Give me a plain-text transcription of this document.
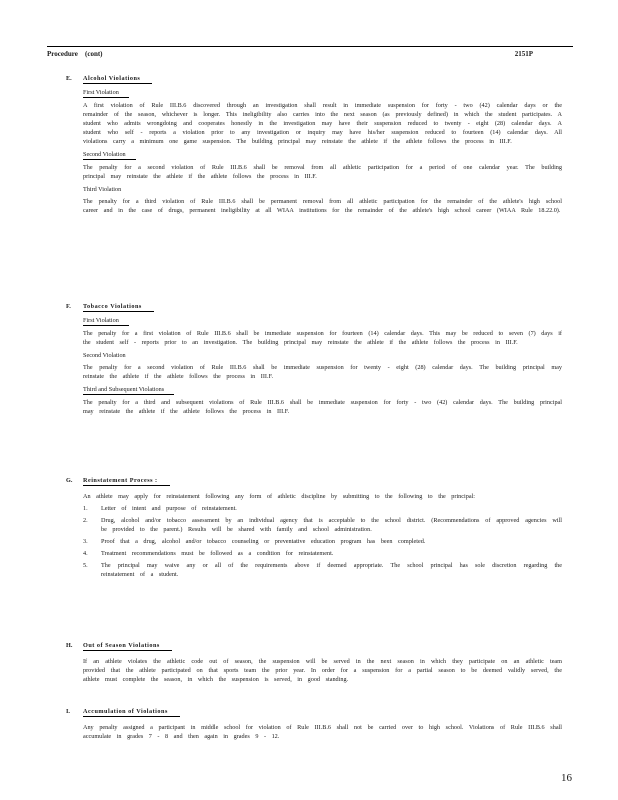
Procedure (cont)	2151P
E.	Alcohol Violations
First Violation
A first violation of Rule III.B.6 discovered through an investigation shall result in immediate suspension for forty - two (42) calendar days or the remainder of the season, whichever is longer. This ineligibility also carries into the next season (as previously defined) in which the student participates. A student who admits wrongdoing and cooperates honestly in the investigation may have their suspension reduced to twenty - eight (28) calendar days. A student who self - reports a violation prior to any investigation or inquiry may have his/her suspension reduced to fourteen (14) calendar days. All violations carry a minimum one game suspension. The building principal may reinstate the athlete if the athlete follows the process in III.F.
Second Violation
The penalty for a second violation of Rule III.B.6 shall be removal from all athletic participation for a period of one calendar year. The building principal may reinstate the athlete if the athlete follows the process in III.F.
Third Violation
The penalty for a third violation of Rule III.B.6 shall be permanent removal from all athletic participation for the remainder of the athlete's high school career and in the case of drugs, permanent ineligibility at all WIAA institutions for the remainder of the athlete's high school career (WIAA Rule 18.22.0).
F.	Tobacco Violations
First Violation
The penalty for a first violation of Rule III.B.6 shall be immediate suspension for fourteen (14) calendar days. This may be reduced to seven (7) days if the student self - reports prior to an investigation. The building principal may reinstate the athlete if the athlete follows the process in III.F.
Second Violation
The penalty for a second violation of Rule III.B.6 shall be immediate suspension for twenty - eight (28) calendar days. The building principal may reinstate the athlete if the athlete follows the process in III.F.
Third and Subsequent Violations
The penalty for a third and subsequent violations of Rule III.B.6 shall be immediate suspension for forty - two (42) calendar days. The building principal may reinstate the athlete if the athlete follows the process in III.F.
G.	Reinstatement Process :
An athlete may apply for reinstatement following any form of athletic discipline by submitting to the following to the principal:
1.	Letter of intent and purpose of reinstatement.
2.	Drug, alcohol and/or tobacco assessment by an individual agency that is acceptable to the school district. (Recommendations of approved agencies will be provided to the parent.) Results will be shared with family and school administration.
3.	Proof that a drug, alcohol and/or tobacco counseling or preventative education program has been completed.
4.	Treatment recommendations must be followed as a condition for reinstatement.
5.	The principal may waive any or all of the requirements above if deemed appropriate. The school principal has sole discretion regarding the reinstatement of a student.
H.	Out of Season Violations
If an athlete violates the athletic code out of season, the suspension will be served in the next season in which they participate on an athletic team provided that the athlete participated on that sports team the prior year. In order for a suspension for a partial season to be deemed validly served, the athlete must complete the season, in which the suspension is served, in good standing.
I.	Accumulation of Violations
Any penalty assigned a participant in middle school for violation of Rule III.B.6 shall not be carried over to high school. Violations of Rule III.B.6 shall accumulate in grades 7 - 8 and then again in grades 9 - 12.
16
